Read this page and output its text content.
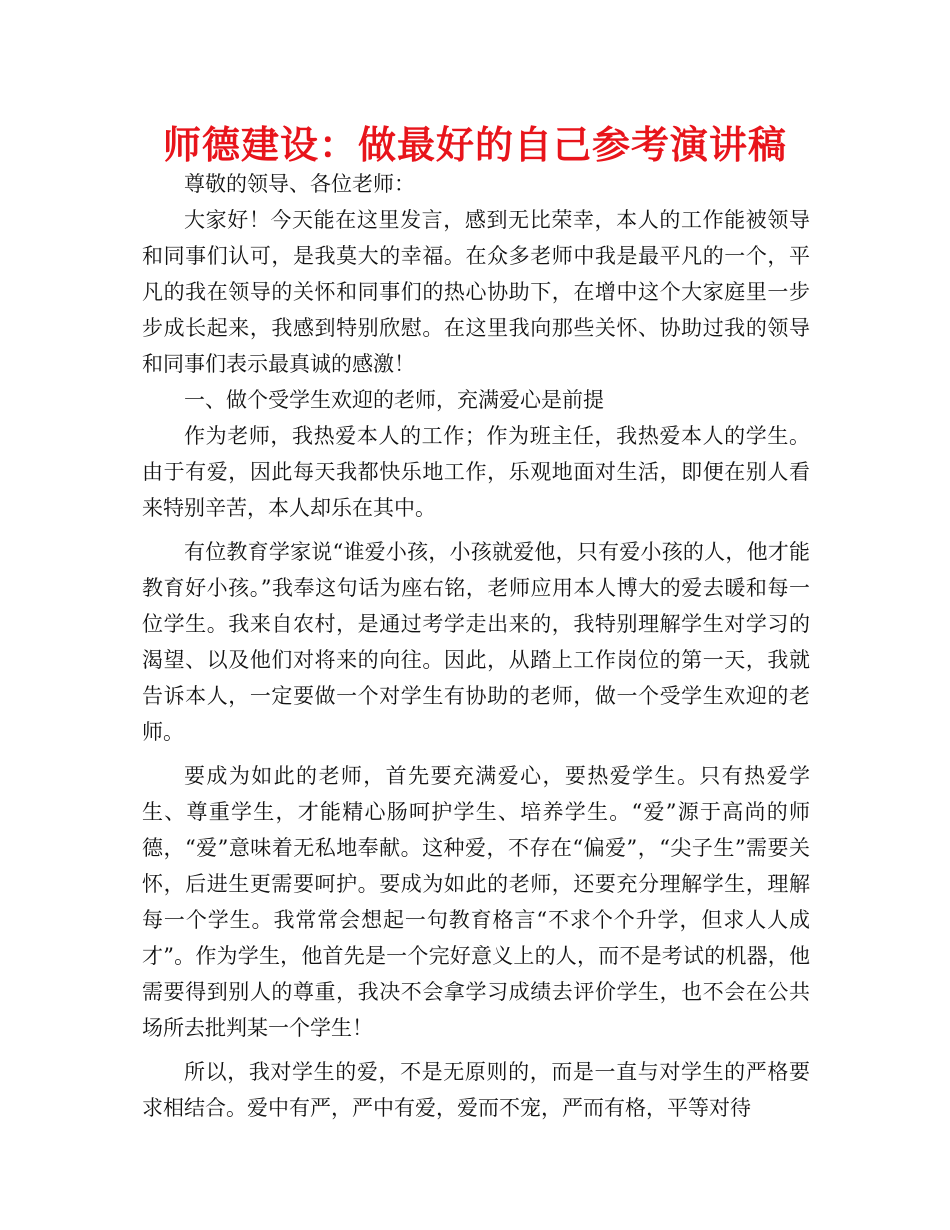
师德建设：做最好的自己参考演讲稿

尊敬的领导、各位老师：

大家好！今天能在这里发言，感到无比荣幸，本人的工作能被领导和同事们认可，是我莫大的幸福。在众多老师中我是最平凡的一个，平凡的我在领导的关怀和同事们的热心协助下，在增中这个大家庭里一步步成长起来，我感到特别欣慰。在这里我向那些关怀、协助过我的领导和同事们表示最真诚的感激！

一、做个受学生欢迎的老师，充满爱心是前提

作为老师，我热爱本人的工作；作为班主任，我热爱本人的学生。由于有爱，因此每天我都快乐地工作，乐观地面对生活，即便在别人看来特别辛苦，本人却乐在其中。

有位教育学家说“谁爱小孩，小孩就爱他，只有爱小孩的人，他才能教育好小孩。”我奉这句话为座右铭，老师应用本人博大的爱去暖和每一位学生。我来自农村，是通过考学走出来的，我特别理解学生对学习的渴望、以及他们对将来的向往。因此，从踏上工作岗位的第一天，我就告诉本人，一定要做一个对学生有协助的老师，做一个受学生欢迎的老师。

要成为如此的老师，首先要充满爱心，要热爱学生。只有热爱学生、尊重学生，才能精心肠呵护学生、培养学生。“爱”源于高尚的师德，“爱”意味着无私地奉献。这种爱，不存在“偏爱”，“尖子生”需要关怀，后进生更需要呵护。要成为如此的老师，还要充分理解学生，理解每一个学生。我常常会想起一句教育格言“不求个个升学，但求人人成才”。作为学生，他首先是一个完好意义上的人，而不是考试的机器，他需要得到别人的尊重，我决不会拿学习成绩去评价学生，也不会在公共场所去批判某一个学生！

所以，我对学生的爱，不是无原则的，而是一直与对学生的严格要求相结合。爱中有严，严中有爱，爱而不宠，严而有格，平等对待
